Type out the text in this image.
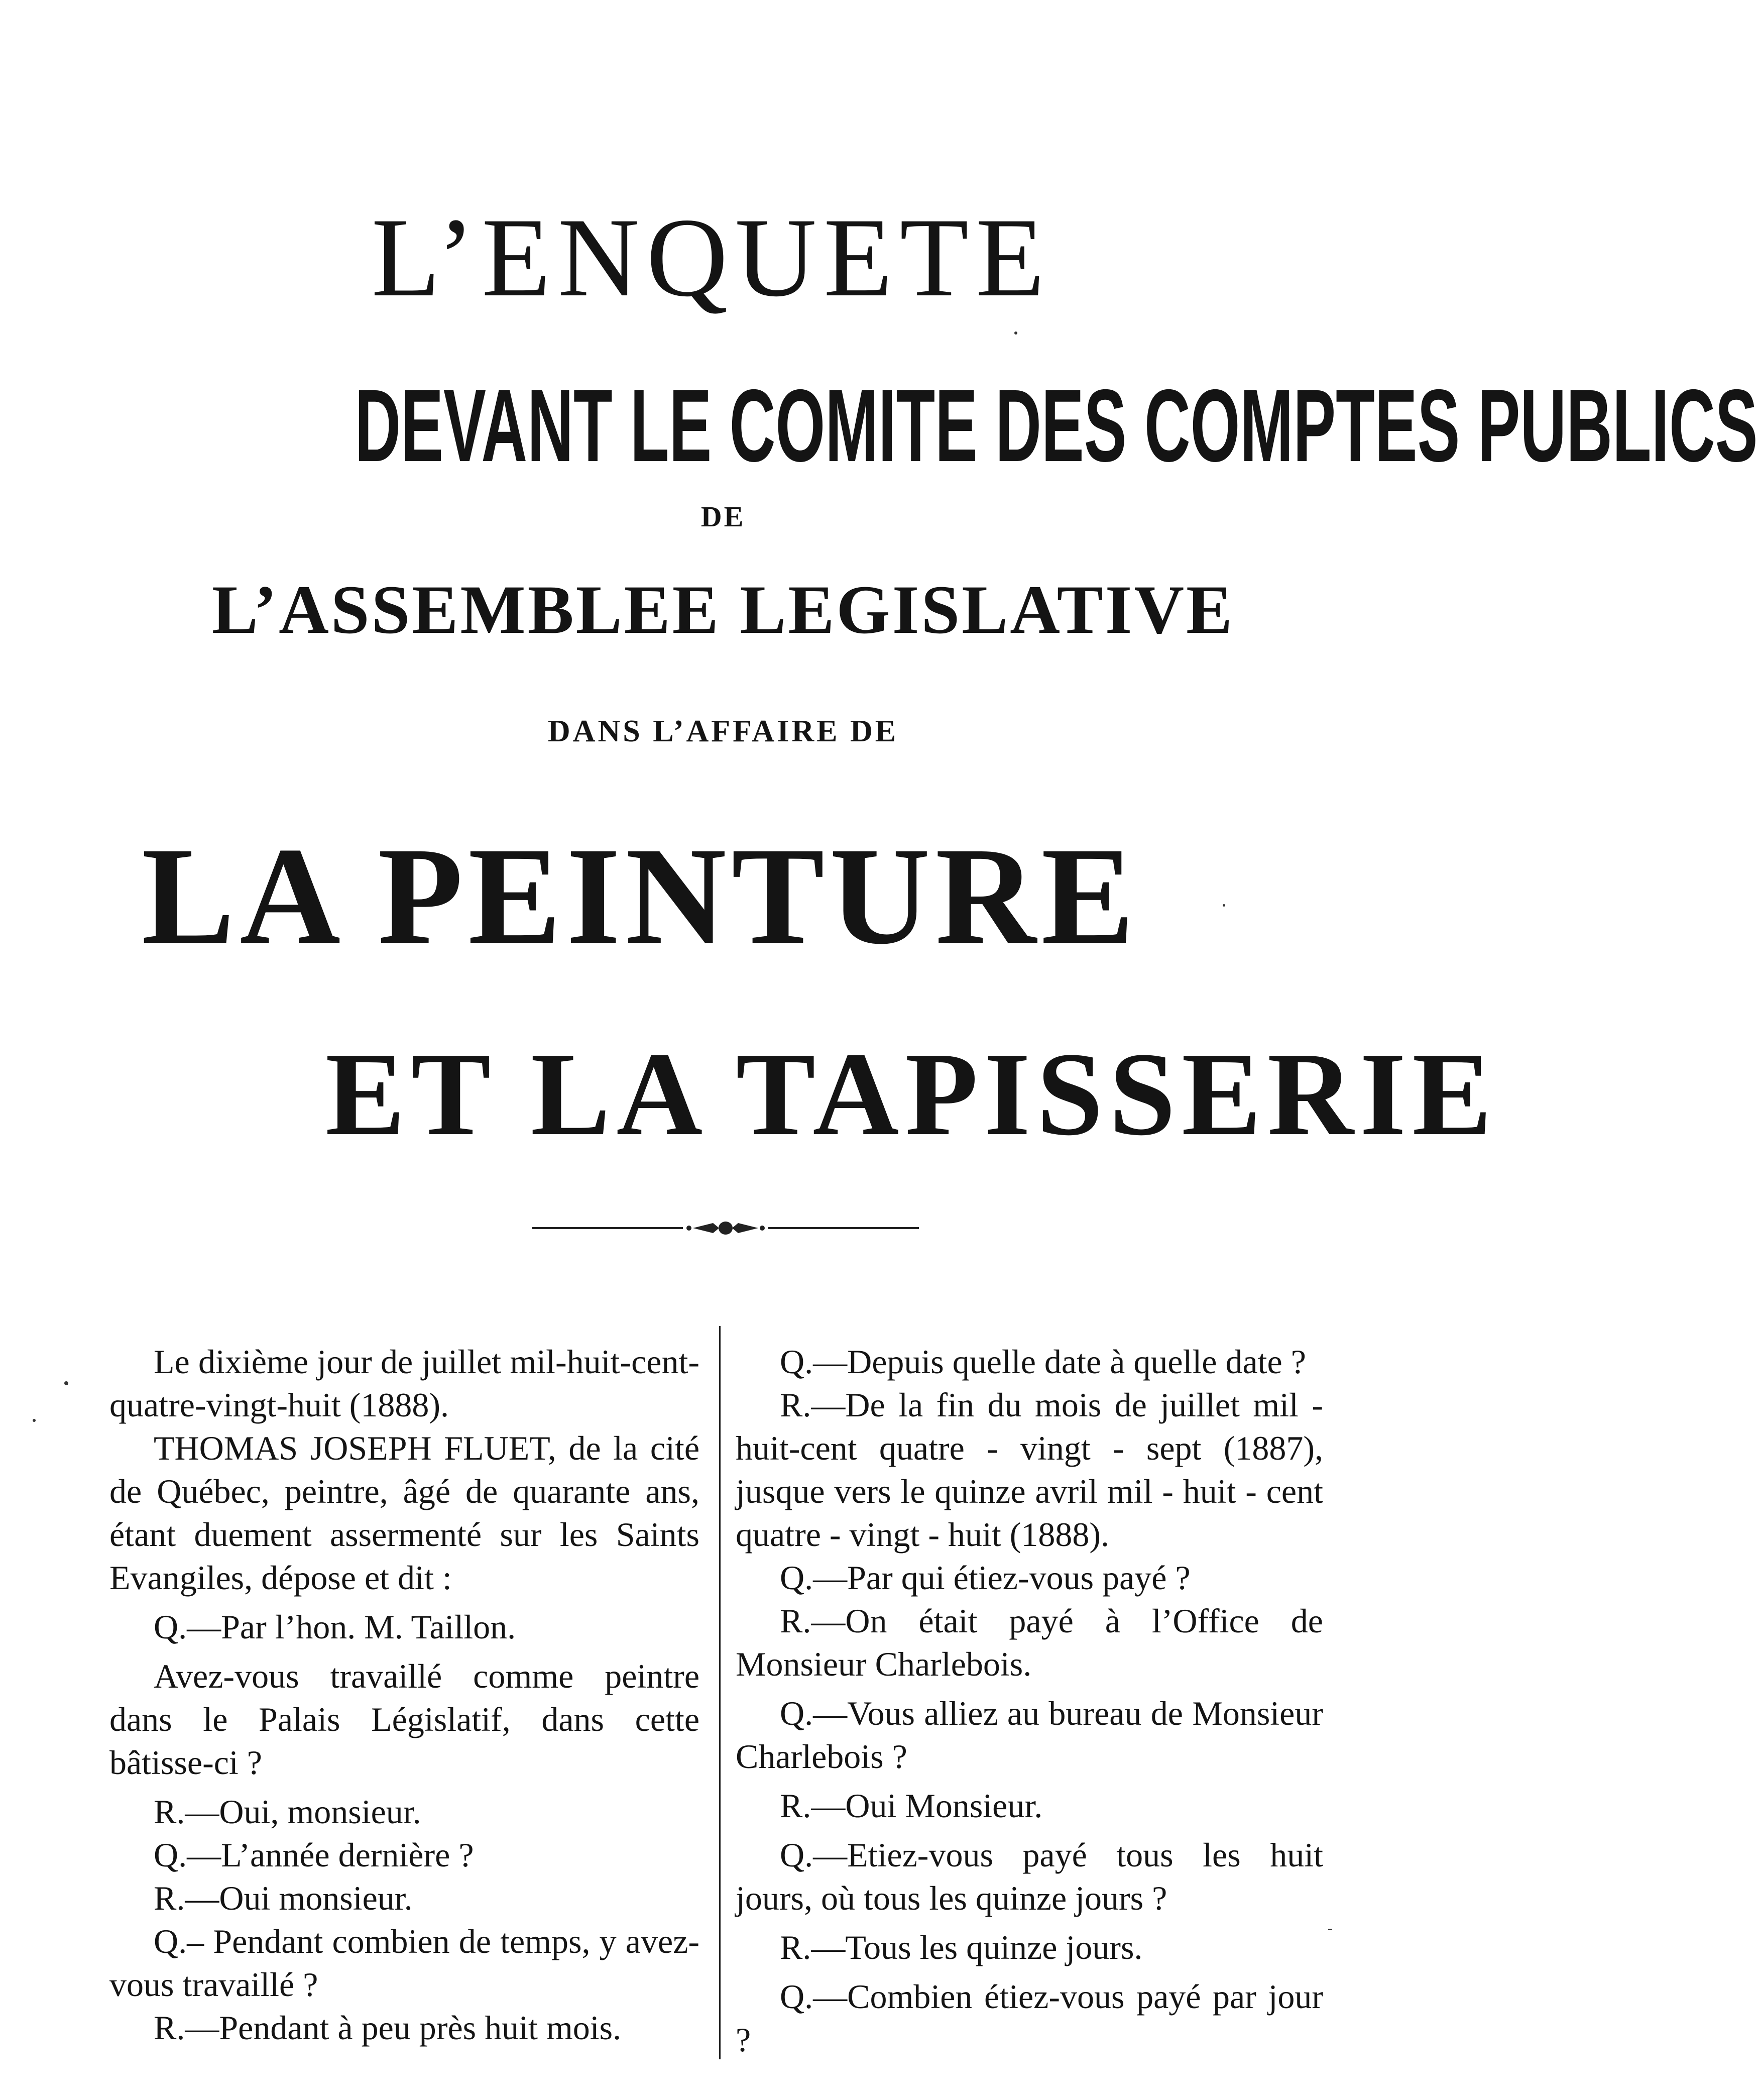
L’ENQUETE
DEVANT LE COMITE DES COMPTES PUBLICS
DE
L’ASSEMBLEE LEGISLATIVE
DANS L’AFFAIRE DE
LA PEINTURE
ET LA TAPISSERIE

Le dixième jour de juillet mil-huit-cent-quatre-vingt-huit (1888).

THOMAS JOSEPH FLUET, de la cité de Québec, peintre, âgé de quarante ans, étant duement assermenté sur les Saints Evangiles, dépose et dit :

Q.—Par l’hon. M. Taillon.

Avez-vous travaillé comme peintre dans le Palais Législatif, dans cette bâtisse-ci ?

R.—Oui, monsieur.

Q.—L’année dernière ?

R.—Oui monsieur.

Q.– Pendant combien de temps, y avez-vous travaillé ?

R.—Pendant à peu près huit mois.

Q.—Depuis quelle date à quelle date ?

R.—De la fin du mois de juillet mil - huit-cent quatre - vingt - sept (1887), jusque vers le quinze avril mil - huit - cent quatre - vingt - huit (1888).

Q.—Par qui étiez-vous payé ?

R.—On était payé à l’Office de Monsieur Charlebois.

Q.—Vous alliez au bureau de Monsieur Charlebois ?

R.—Oui Monsieur.

Q.—Etiez-vous payé tous les huit jours, où tous les quinze jours ?

R.—Tous les quinze jours.

Q.—Combien étiez-vous payé par jour ?
